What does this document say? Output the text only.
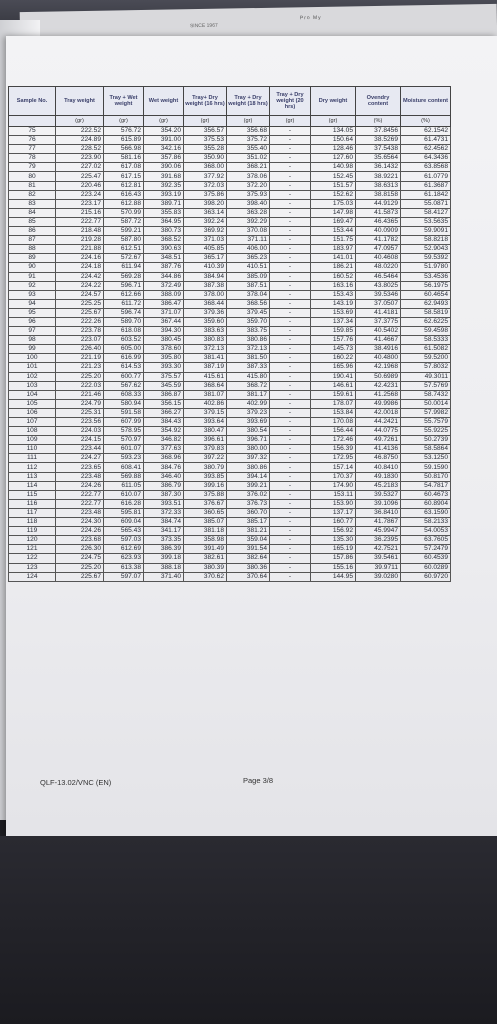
SINCE 1967
Pro My
Sample No.	Tray weight	Tray + Wet weight	Wet weight	Tray+ Dry weight (16 hrs)	Tray + Dry weight (18 hrs)	Tray + Dry weight (20 hrs)	Dry weight	Ovendry content	Moisture content
	(gr)	(gr)	(gr)	(gr)	(gr)	(gr)	(gr)	(%)	(%)
75	222.52	576.72	354.20	356.57	356.68	-	134.05	37.8456	62.1542
76	224.89	615.89	391.00	375.53	375.72	-	150.64	38.5269	61.4731
77	228.52	566.98	342.16	355.28	355.40	-	128.46	37.5438	62.4562
78	223.90	581.16	357.86	350.90	351.02	-	127.60	35.6564	64.3436
79	227.02	617.08	390.06	368.00	368.21	-	140.98	36.1432	63.8568
80	225.47	617.15	391.68	377.92	378.06	-	152.45	38.9221	61.0779
81	220.46	612.81	392.35	372.03	372.20	-	151.57	38.6313	61.3687
82	223.24	616.43	393.19	375.86	375.93	-	152.62	38.8158	61.1842
83	223.17	612.88	389.71	398.20	398.40	-	175.03	44.9129	55.0871
84	215.16	570.99	355.83	363.14	363.28	-	147.98	41.5873	58.4127
85	222.77	587.72	364.95	392.24	392.29	-	169.47	46.4365	53.5635
86	218.48	599.21	380.73	369.92	370.08	-	153.44	40.0909	59.9091
87	219.28	587.80	368.52	371.03	371.11	-	151.75	41.1782	58.8218
88	221.88	612.51	390.63	405.85	406.00	-	183.97	47.0957	52.9043
89	224.16	572.67	348.51	365.17	365.23	-	141.01	40.4608	59.5392
90	224.18	611.94	387.76	410.39	410.51	-	186.21	48.0220	51.9780
91	224.42	569.28	344.86	384.94	385.09	-	160.52	46.5464	53.4536
92	224.22	596.71	372.49	387.38	387.51	-	163.16	43.8025	56.1975
93	224.57	612.66	388.09	378.00	378.04	-	153.43	39.5346	60.4654
94	225.25	611.72	386.47	368.44	368.56	-	143.19	37.0507	62.9493
95	225.67	596.74	371.07	379.36	379.45	-	153.69	41.4181	58.5819
96	222.26	589.70	367.44	359.60	359.70	-	137.34	37.3775	62.6225
97	223.78	618.08	394.30	383.63	383.75	-	159.85	40.5402	59.4598
98	223.07	603.52	380.45	380.83	380.86	-	157.76	41.4667	58.5333
99	226.40	605.00	378.60	372.13	372.13	-	145.73	38.4916	61.5082
100	221.19	616.99	395.80	381.41	381.50	-	160.22	40.4800	59.5200
101	221.23	614.53	393.30	387.19	387.33	-	165.96	42.1968	57.8032
102	225.20	600.77	375.57	415.61	415.80	-	190.41	50.6989	49.3011
103	222.03	567.62	345.59	368.64	368.72	-	146.61	42.4231	57.5769
104	221.46	608.33	386.87	381.07	381.17	-	159.61	41.2568	58.7432
105	224.79	580.94	356.15	402.86	402.99	-	178.07	49.9986	50.0014
106	225.31	591.58	366.27	379.15	379.23	-	153.84	42.0018	57.9982
107	223.56	607.99	384.43	393.64	393.69	-	170.08	44.2421	55.7579
108	224.03	578.95	354.92	380.47	380.54	-	156.44	44.0775	55.9225
109	224.15	570.97	346.82	396.61	396.71	-	172.46	49.7261	50.2739
110	223.44	601.07	377.63	379.83	380.00	-	156.39	41.4136	58.5864
111	224.27	593.23	368.96	397.22	397.32	-	172.95	46.8750	53.1250
112	223.65	608.41	384.76	380.79	380.86	-	157.14	40.8410	59.1590
113	223.48	569.88	346.40	393.85	394.14	-	170.37	49.1830	50.8170
114	224.26	611.05	386.79	399.16	399.21	-	174.90	45.2183	54.7817
115	222.77	610.07	387.30	375.88	376.02	-	153.11	39.5327	60.4673
116	222.77	616.28	393.51	376.67	376.73	-	153.90	39.1096	60.8904
117	223.48	595.81	372.33	360.65	360.70	-	137.17	36.8410	63.1590
118	224.30	609.04	384.74	385.07	385.17	-	160.77	41.7867	58.2133
119	224.26	565.43	341.17	381.18	381.21	-	156.92	45.9947	54.0053
120	223.68	597.03	373.35	358.98	359.04	-	135.30	36.2395	63.7605
121	226.30	612.69	386.39	391.49	391.54	-	165.19	42.7521	57.2479
122	224.75	623.93	399.18	382.61	382.64	-	157.86	39.5461	60.4539
123	225.20	613.38	388.18	380.39	380.36	-	155.16	39.9711	60.0289
124	225.67	597.07	371.40	370.62	370.64	-	144.95	39.0280	60.9720
QLF-13.02/VNC (EN)	Page 3/8
